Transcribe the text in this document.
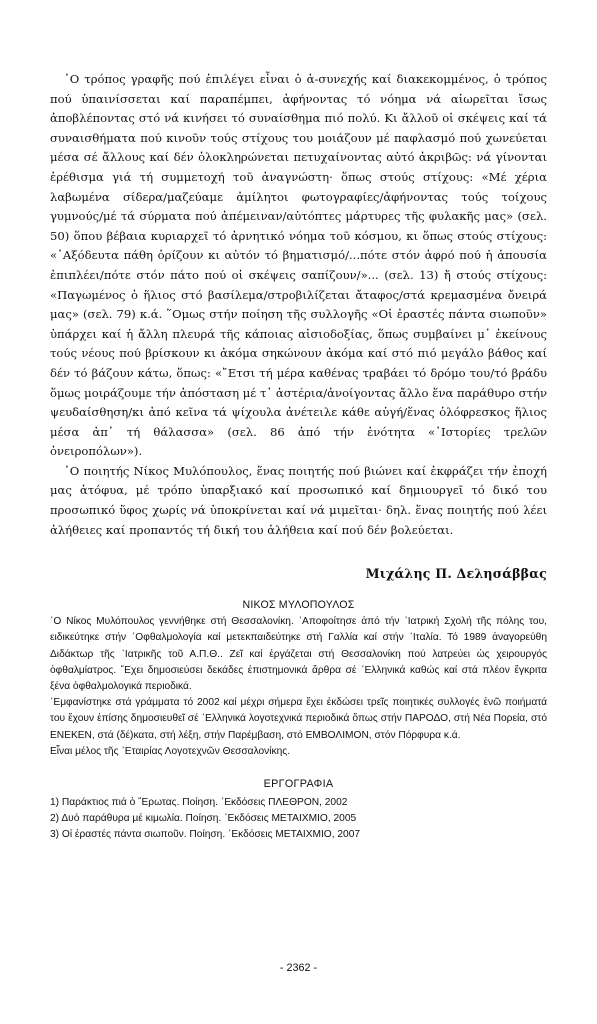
῾Ο τρόπος γραφῆς πού ἐπιλέγει εἶναι ὁ ἀ-συνεχής καί διακεκομμένος, ὁ τρόπος πού ὑπαινίσσεται καί παραπέμπει, ἀφήνοντας τό νόημα νά αἰωρεῖται ἴσως ἀποβλέποντας στό νά κινήσει τό συναίσθημα πιό πολύ. Κι ἄλλοῦ οἱ σκέψεις καί τά συναισθήματα πού κινοῦν τούς στίχους του μοιάζουν μέ παφλασμό πού χωνεύεται μέσα σέ ἄλλους καί δέν ὁλοκληρώνεται πετυχαίνοντας αὐτό ἀκριβῶς: νά γίνονται ἐρέθισμα γιά τή συμμετοχή τοῦ ἀναγνώστη· ὅπως στούς στίχους: «Μέ χέρια λαβωμένα σίδερα/μαζεύαμε ἀμίλητοι φωτογραφίες/ἀφήνοντας τούς τοίχους γυμνούς/μέ τά σύρματα πού ἀπέμειναν/αὐτόπτες μάρτυρες τῆς φυλακῆς μας» (σελ. 50) ὅπου βέβαια κυριαρχεῖ τό ἀρνητικό νόημα τοῦ κόσμου, κι ὅπως στούς στίχους: «᾿Αξόδευτα πάθη ὁρίζουν κι αὐτόν τό βηματισμό/...πότε στόν ἀφρό πού ἡ ἀπουσία ἐπιπλέει/πότε στόν πάτο πού οἱ σκέψεις σαπίζουν/»... (σελ. 13) ἤ στούς στίχους: «Παγωμένος ὁ ἥλιος στό βασίλεμα/στροβιλίζεται ἄταφος/στά κρεμασμένα ὄνειρά μας» (σελ. 79) κ.ά. ῞Ομως στήν ποίηση τῆς συλλογῆς «Οἱ ἐραστές πάντα σιωποῦν» ὑπάρχει καί ἡ ἄλλη πλευρά τῆς κάποιας αἰσιοδοξίας, ὅπως συμβαίνει μ᾿ ἐκείνους τούς νέους πού βρίσκουν κι ἀκόμα σηκώνουν ἀκόμα καί στό πιό μεγάλο βάθος καί δέν τό βάζουν κάτω, ὅπως: «῎Ετσι τή μέρα καθένας τραβάει τό δρόμο του/τό βράδυ ὅμως μοιράζουμε τήν ἀπόσταση μέ τ᾿ ἀστέρια/ἀνοίγοντας ἄλλο ἕνα παράθυρο στήν ψευδαίσθηση/κι ἀπό κεῖνα τά ψίχουλα ἀνέτειλε κάθε αὐγή/ἕνας ὁλόφρεσκος ἥλιος μέσα ἀπ᾿ τή θάλασσα» (σελ. 86 ἀπό τήν ἑνότητα «῾Ιστορίες τρελῶν ὀνειροπόλων»).

῾Ο ποιητής Νίκος Μυλόπουλος, ἕνας ποιητής πού βιώνει καί ἐκφράζει τήν ἐποχή μας ἀτόφυα, μέ τρόπο ὑπαρξιακό καί προσωπικό καί δημιουργεῖ τό δικό του προσωπικό ὕφος χωρίς νά ὑποκρίνεται καί νά μιμεῖται· δηλ. ἕνας ποιητής πού λέει ἀλήθειες καί προπαντός τή δική του ἀλήθεια καί πού δέν βολεύεται.

Μιχάλης Π. Δελησάββας

ΝΙΚΟΣ ΜΥΛΟΠΟΥΛΟΣ

῾Ο Νίκος Μυλόπουλος γεννήθηκε στή Θεσσαλονίκη. ᾿Αποφοίτησε ἀπό τήν ᾿Ιατρική Σχολή τῆς πόλης του, ειδικεύτηκε στήν ᾿Οφθαλμολογία καί μετεκπαιδεύτηκε στή Γαλλία καί στήν ᾿Ιταλία. Τό 1989 ἀναγορεύθη Διδάκτωρ τῆς ᾿Ιατρικῆς τοῦ Α.Π.Θ.. Ζεῖ καί ἐργάζεται στή Θεσσαλονίκη πού λατρεύει ὡς χειρουργός ὀφθαλμίατρος. ῎Εχει δημοσιεύσει δεκάδες ἐπιστημονικά ἄρθρα σέ ᾿Ελληνικά καθώς καί στά πλέον ἔγκριτα ξένα ὀφθαλμολογικά περιοδικά.

᾿Εμφανίστηκε στά γράμματα τό 2002 καί μέχρι σήμερα ἔχει ἐκδώσει τρεῖς ποιητικές συλλογές ἐνῶ ποιήματά του ἔχουν ἐπίσης δημοσιευθεῖ σέ ᾿Ελληνικά λογοτεχνικά περιοδικά ὅπως στήν ΠΑΡΟΔΟ, στή Νέα Πορεία, στό ΕΝΕΚΕΝ, στά (δέ)κατα, στή λέξη, στήν Παρέμβαση, στό ΕΜΒΟΛΙΜΟΝ, στόν Πόρφυρα κ.ά.

Εἶναι μέλος τῆς ᾿Εταιρίας Λογοτεχνῶν Θεσσαλονίκης.

ΕΡΓΟΓΡΑΦΙΑ
1) Παράκτιος πιά ὁ ῎Ερωτας. Ποίηση. ᾿Εκδόσεις ΠΛΕΘΡΟΝ, 2002
2) Δυό παράθυρα μέ κιμωλία. Ποίηση. ᾿Εκδόσεις ΜΕΤΑΙΧΜΙΟ, 2005
3) Οἱ ἐραστές πάντα σιωποῦν. Ποίηση. ᾿Εκδόσεις ΜΕΤΑΙΧΜΙΟ, 2007
- 2362 -
